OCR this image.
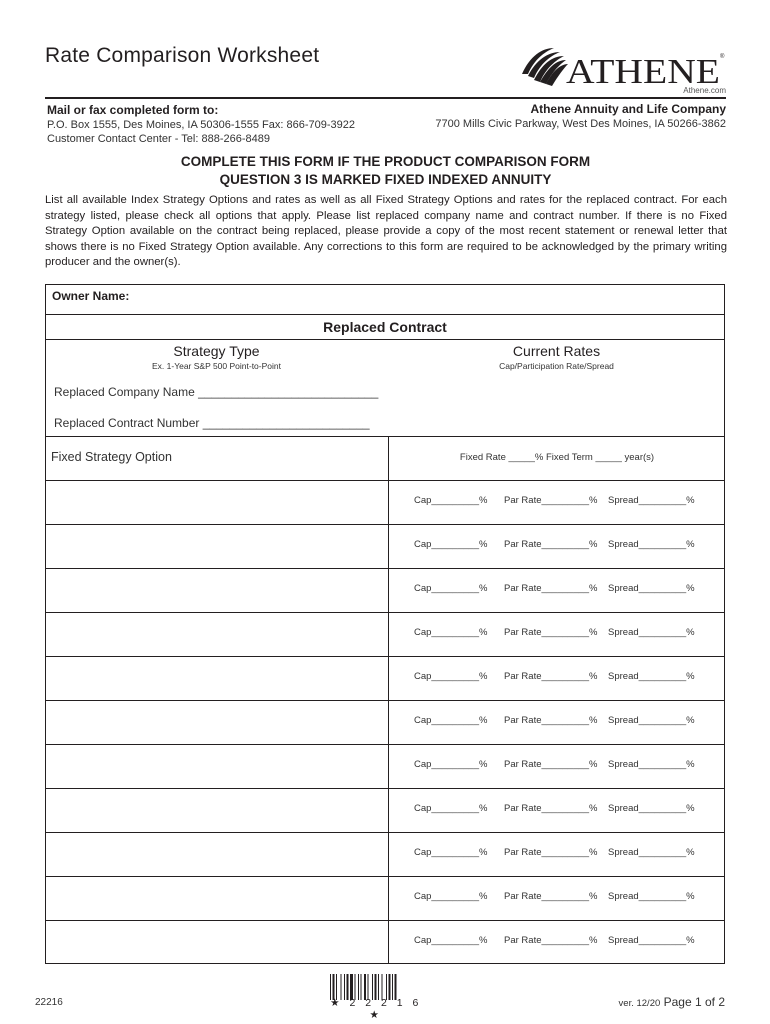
Rate Comparison Worksheet	ATHENE ®
Athene.com
Mail or fax completed form to:
P.O. Box 1555, Des Moines, IA 50306-1555 Fax: 866-709-3922
Customer Contact Center - Tel: 888-266-8489
Athene Annuity and Life Company
7700 Mills Civic Parkway, West Des Moines, IA 50266-3862
COMPLETE THIS FORM IF THE PRODUCT COMPARISON FORM
QUESTION 3 IS MARKED FIXED INDEXED ANNUITY
List all available Index Strategy Options and rates as well as all Fixed Strategy Options and rates for the replaced contract. For each strategy listed, please check all options that apply. Please list replaced company name and contract number. If there is no Fixed Strategy Option available on the contract being replaced, please provide a copy of the most recent statement or renewal letter that shows there is no Fixed Strategy Option available. Any corrections to this form are required to be acknowledged by the primary writing producer and the owner(s).
Owner Name:
Replaced Contract
Strategy Type
Ex. 1-Year S&P 500 Point-to-Point
Current Rates
Cap/Participation Rate/Spread
Replaced Company Name ___________________________
Replaced Contract Number _________________________
Fixed Strategy Option	Fixed Rate _____% Fixed Term _____ year(s)
Cap_________% Par Rate_________% Spread_________%
Cap_________% Par Rate_________% Spread_________%
Cap_________% Par Rate_________% Spread_________%
Cap_________% Par Rate_________% Spread_________%
Cap_________% Par Rate_________% Spread_________%
Cap_________% Par Rate_________% Spread_________%
Cap_________% Par Rate_________% Spread_________%
Cap_________% Par Rate_________% Spread_________%
Cap_________% Par Rate_________% Spread_________%
Cap_________% Par Rate_________% Spread_________%
Cap_________% Par Rate_________% Spread_________%
22216	★ 2 2 2 1 6 ★
ver. 12/20 Page 1 of 2
